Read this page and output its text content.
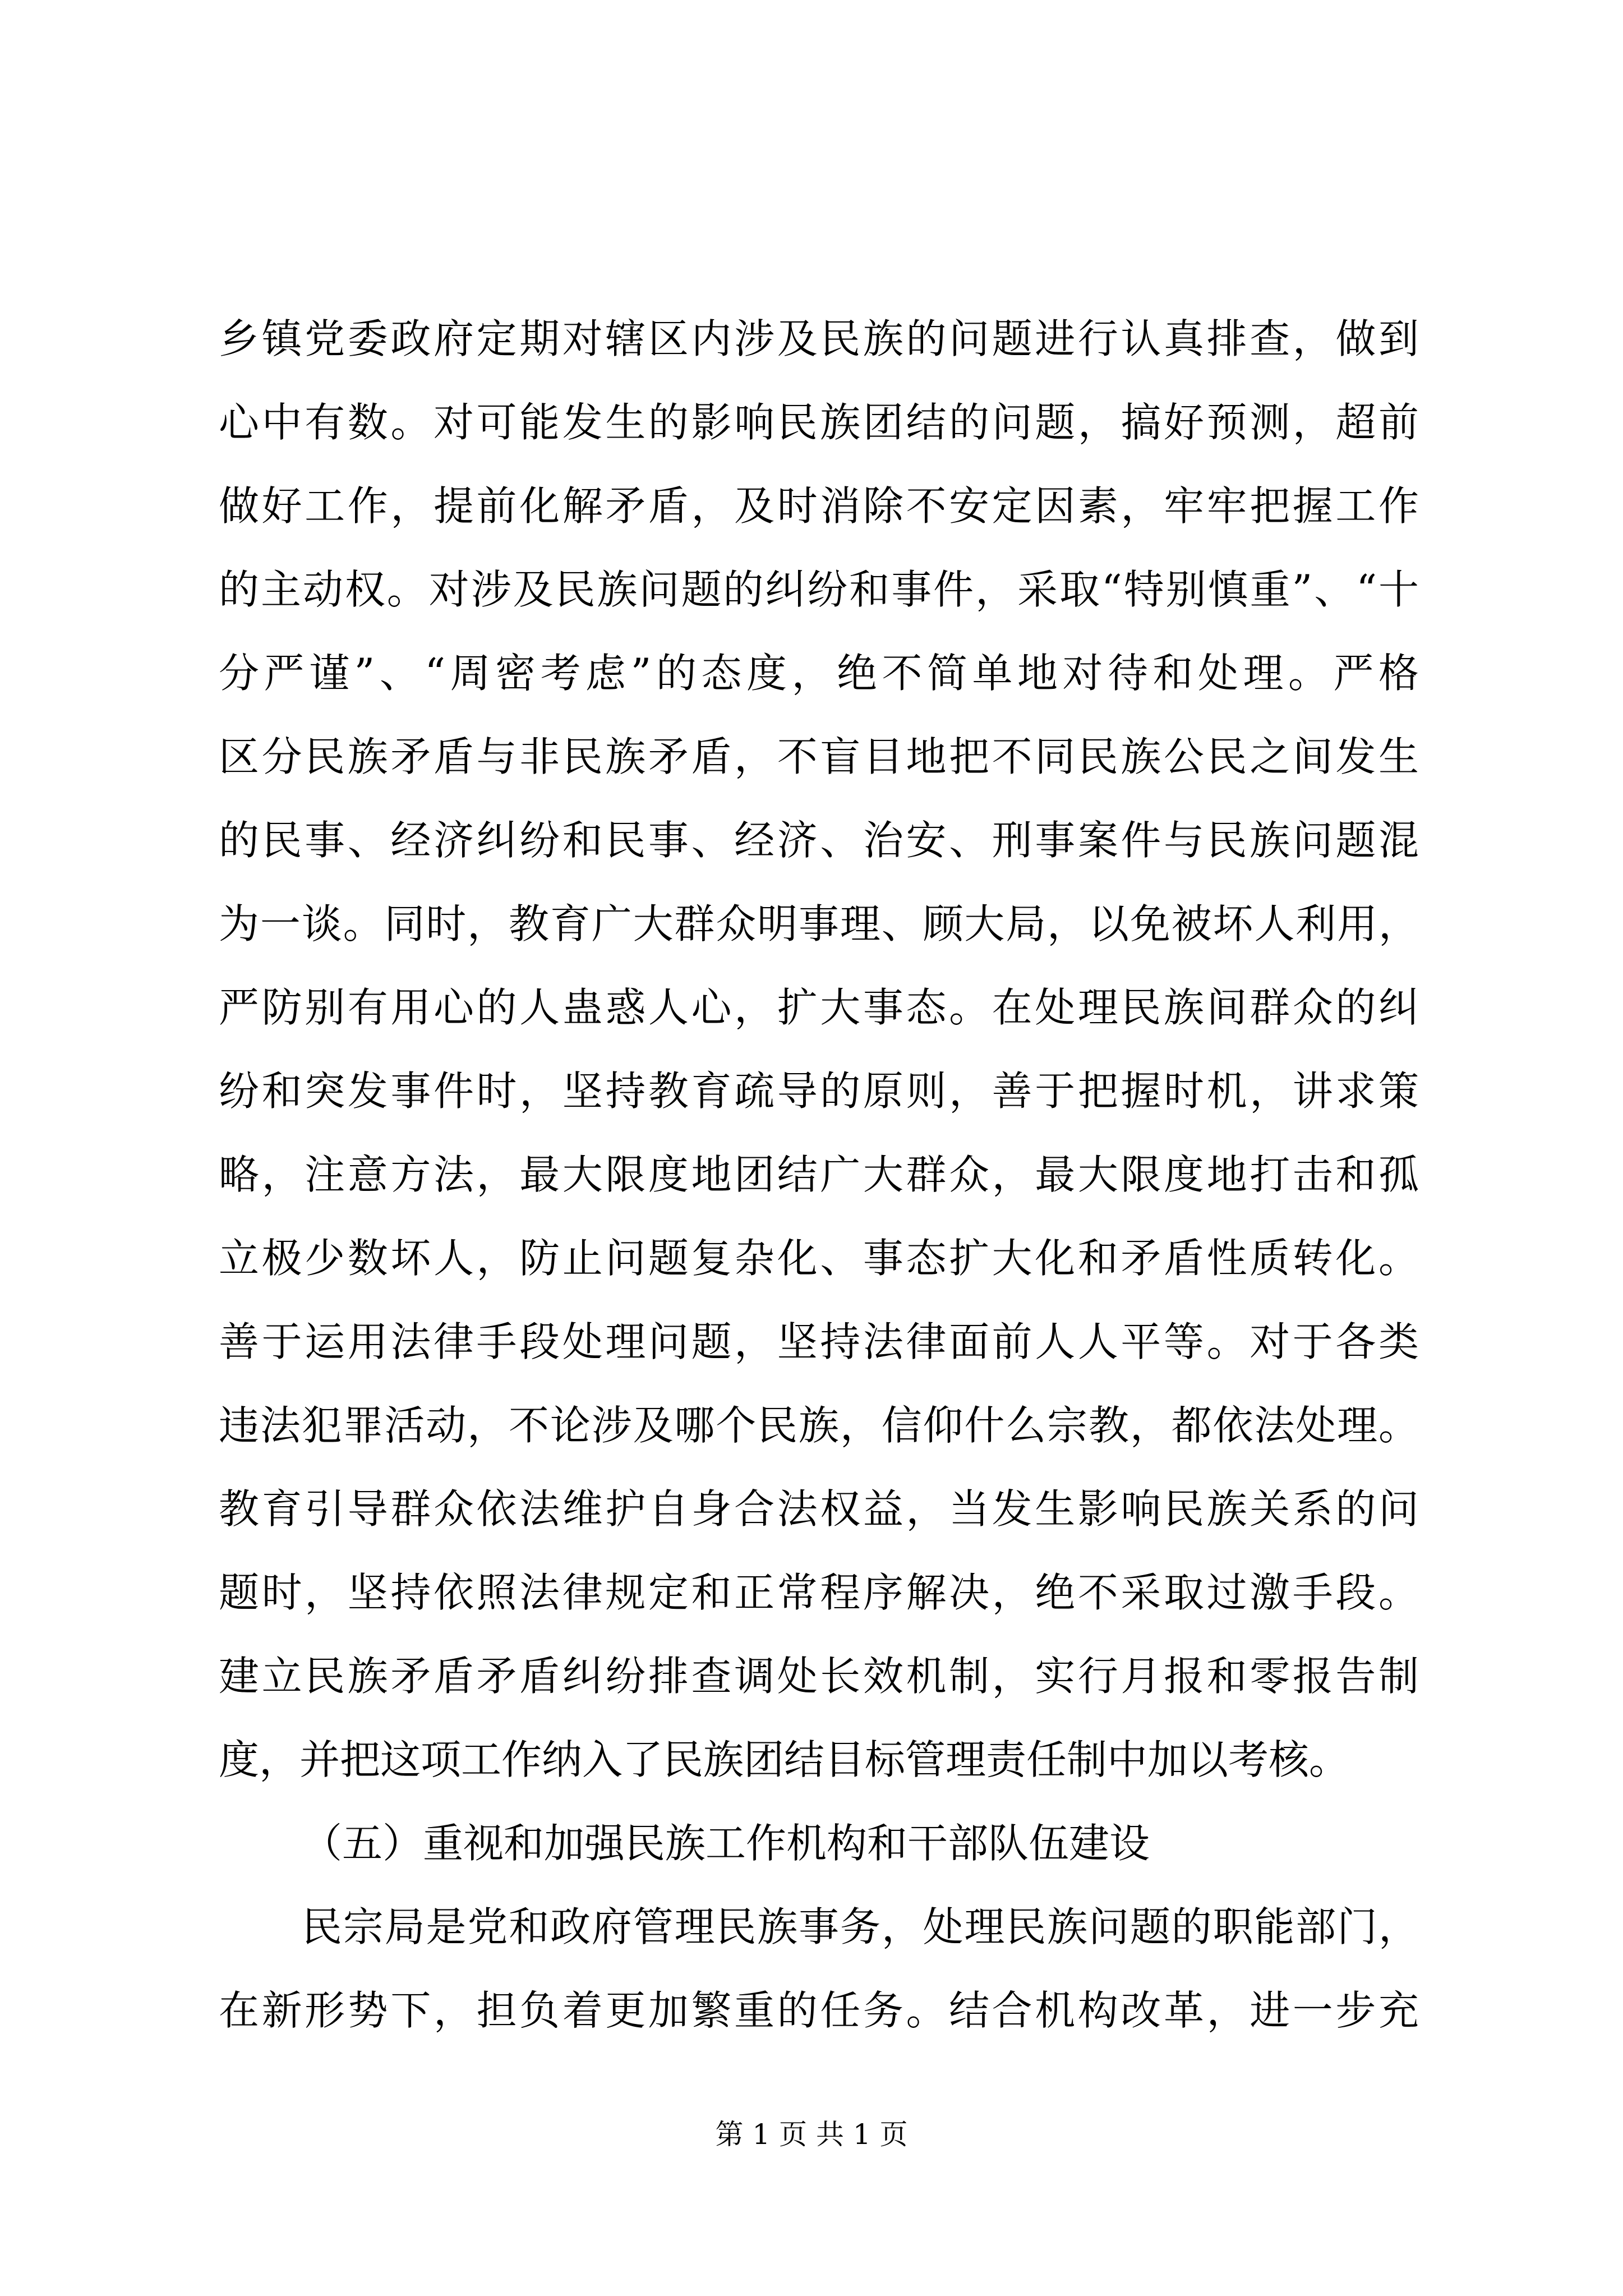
乡镇党委政府定期对辖区内涉及民族的问题进行认真排查，做到
心中有数。对可能发生的影响民族团结的问题，搞好预测，超前
做好工作，提前化解矛盾，及时消除不安定因素，牢牢把握工作
的主动权。对涉及民族问题的纠纷和事件，采取“特别慎重”、“十
分严谨”、“周密考虑”的态度，绝不简单地对待和处理。严格
区分民族矛盾与非民族矛盾，不盲目地把不同民族公民之间发生
的民事、经济纠纷和民事、经济、治安、刑事案件与民族问题混
为一谈。同时，教育广大群众明事理、顾大局，以免被坏人利用，
严防别有用心的人蛊惑人心，扩大事态。在处理民族间群众的纠
纷和突发事件时，坚持教育疏导的原则，善于把握时机，讲求策
略，注意方法，最大限度地团结广大群众，最大限度地打击和孤
立极少数坏人，防止问题复杂化、事态扩大化和矛盾性质转化。
善于运用法律手段处理问题，坚持法律面前人人平等。对于各类
违法犯罪活动，不论涉及哪个民族，信仰什么宗教，都依法处理。
教育引导群众依法维护自身合法权益，当发生影响民族关系的问
题时，坚持依照法律规定和正常程序解决，绝不采取过激手段。
建立民族矛盾矛盾纠纷排查调处长效机制，实行月报和零报告制
度，并把这项工作纳入了民族团结目标管理责任制中加以考核。
（五）重视和加强民族工作机构和干部队伍建设
民宗局是党和政府管理民族事务，处理民族问题的职能部门，
在新形势下，担负着更加繁重的任务。结合机构改革，进一步充
第 1 页 共 1 页
